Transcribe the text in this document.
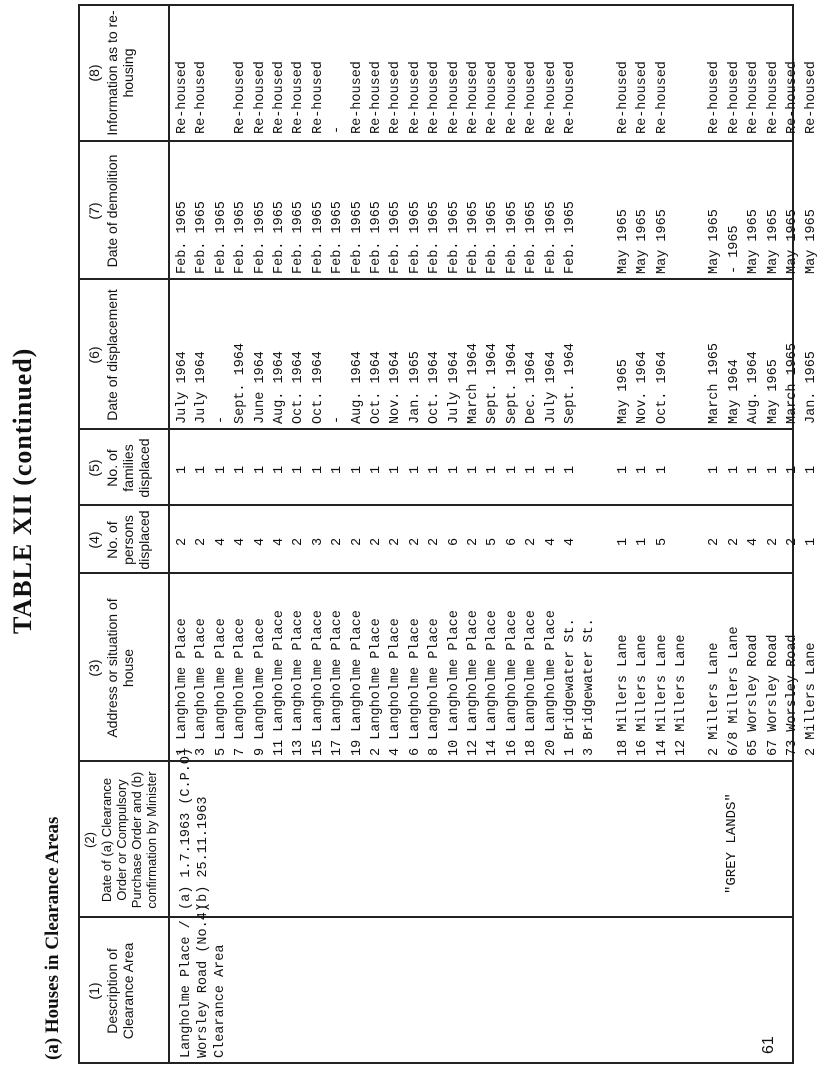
TABLE XII (continued)
(a) Houses in Clearance Areas (1) Description of Clearance Area
(2) Date of (a) Clearance Order or Compulsory Purchase Order and (b) confirmation by Minister
(3) Address or situation of house
(4) No. of persons displaced
(5) No. of families displaced
(6) Date of displacement
(7) Date of demolition
(8) Information as to re-housing
Langholme Place /
Worsley Road (No.4)
Clearance Area
(a) 1.7.1963 (C.P.O)
(b) 25.11.1963	"GREY LANDS"
1 Langholme Place
2
1
July 1964
Feb. 1965
Re-housed
3 Langholme Place
2
1
July 1964
Feb. 1965
Re-housed
5 Langholme Place
4
1
-
Feb. 1965
7 Langholme Place
4
1
Sept. 1964
Feb. 1965
Re-housed
9 Langholme Place
4
1
June 1964
Feb. 1965
Re-housed
11 Langholme Place
4
1
Aug. 1964
Feb. 1965
Re-housed
13 Langholme Place
2
1
Oct. 1964
Feb. 1965
Re-housed
15 Langholme Place
3
1
Oct. 1964
Feb. 1965
Re-housed
17 Langholme Place
2
1
-
Feb. 1965
-
19 Langholme Place
2
1
Aug. 1964
Feb. 1965
Re-housed
2 Langholme Place
2
1
Oct. 1964
Feb. 1965
Re-housed
4 Langholme Place
2
1
Nov. 1964
Feb. 1965
Re-housed
6 Langholme Place
2
1
Jan. 1965
Feb. 1965
Re-housed
8 Langholme Place
2
1
Oct. 1964
Feb. 1965
Re-housed
10 Langholme Place
6
1
July 1964
Feb. 1965
Re-housed
12 Langholme Place
2
1
March 1964
Feb. 1965
Re-housed
14 Langholme Place
5
1
Sept. 1964
Feb. 1965
Re-housed
16 Langholme Place
6
1
Sept. 1964
Feb. 1965
Re-housed
18 Langholme Place
2
1
Dec. 1964
Feb. 1965
Re-housed
20 Langholme Place
4
1
July 1964
Feb. 1965
Re-housed
1 Bridgewater St.
4
1
Sept. 1964
Feb. 1965
Re-housed
3 Bridgewater St. 18 Millers Lane
1
1
May 1965
May 1965
Re-housed
16 Millers Lane
1
1
Nov. 1964
May 1965
Re-housed
14 Millers Lane
5
1
Oct. 1964
May 1965
Re-housed
12 Millers Lane 2 Millers Lane
2
1
March 1965
May 1965
Re-housed
6/8 Millers Lane
2
1
May 1964
- 1965
Re-housed
65 Worsley Road
4
1
Aug. 1964
May 1965
Re-housed
67 Worsley Road
2
1
May 1965
May 1965
Re-housed
73 Worsley Road
2
1
March 1965
May 1965
Re-housed
2 Millers Lane
1
1
Jan. 1965
May 1965
Re-housed
61
